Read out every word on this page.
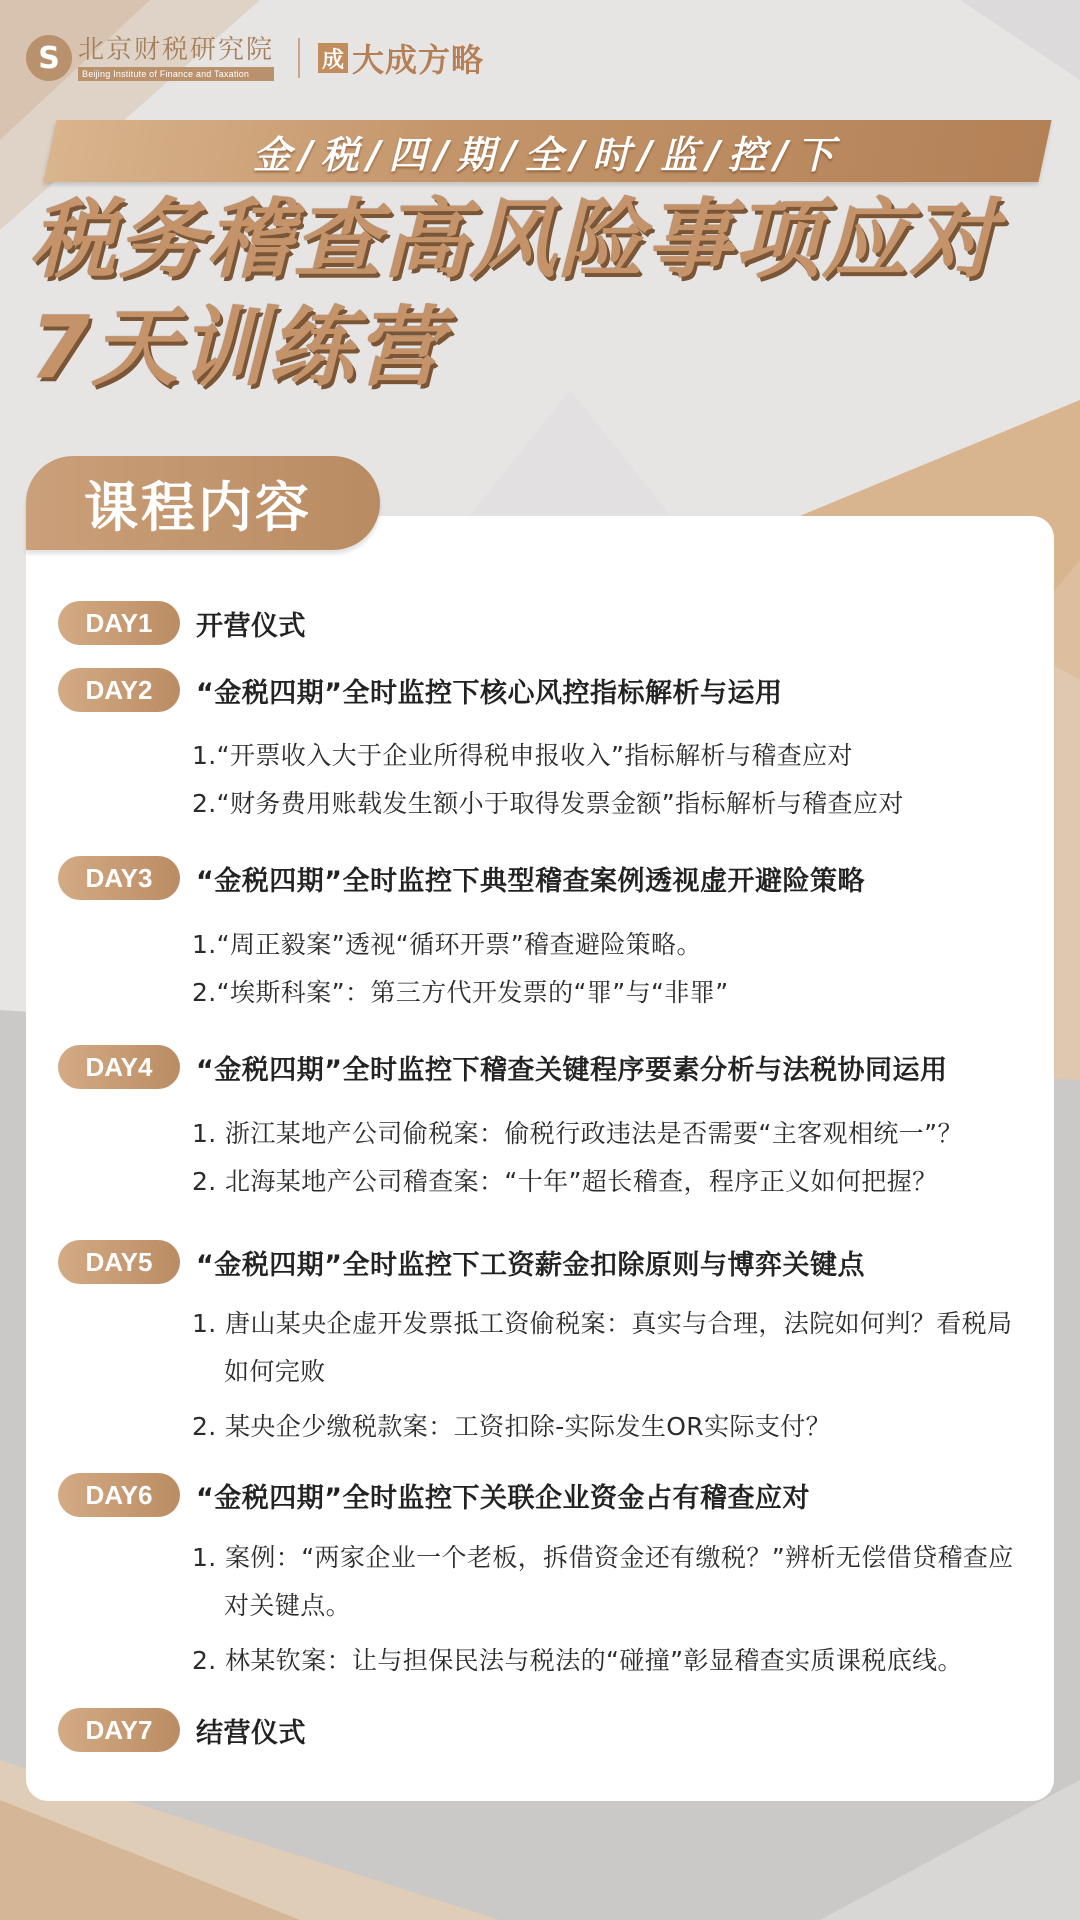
S 北京财税研究院
Beijing Institute of Finance and Taxation
成 大成方略
金/税/四/期/全/时/监/控/下
税务稽查高风险事项应对
7天训练营
课程内容
DAY1	开营仪式
DAY2	“金税四期”全时监控下核心风控指标解析与运用
1.“开票收入大于企业所得税申报收入”指标解析与稽查应对
2.“财务费用账载发生额小于取得发票金额”指标解析与稽查应对
DAY3	“金税四期”全时监控下典型稽查案例透视虚开避险策略
1.“周正毅案”透视“循环开票”稽查避险策略。
2.“埃斯科案”：第三方代开发票的“罪”与“非罪”
DAY4	“金税四期”全时监控下稽查关键程序要素分析与法税协同运用
1. 浙江某地产公司偷税案：偷税行政违法是否需要“主客观相统一”？
2. 北海某地产公司稽查案：“十年”超长稽查，程序正义如何把握？
DAY5	“金税四期”全时监控下工资薪金扣除原则与博弈关键点
1. 唐山某央企虚开发票抵工资偷税案：真实与合理，法院如何判？看税局如何完败
2. 某央企少缴税款案：工资扣除-实际发生OR实际支付？
DAY6	“金税四期”全时监控下关联企业资金占有稽查应对
1. 案例：“两家企业一个老板，拆借资金还有缴税？”辨析无偿借贷稽查应对关键点。
2. 林某钦案：让与担保民法与税法的“碰撞”彰显稽查实质课税底线。
DAY7	结营仪式
